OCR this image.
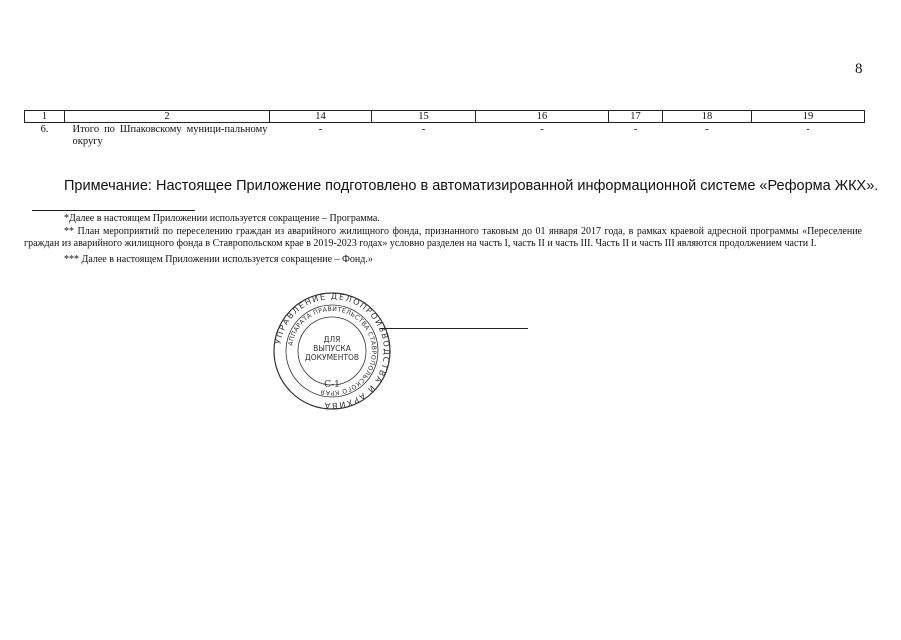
8
1	2	14	15	16	17	18	19
6.	Итого по Шпаковскому муници-пальному округу	-	-	-	-	-	-
Примечание: Настоящее Приложение подготовлено в автоматизированной информационной системе «Реформа ЖКХ».

*Далее в настоящем Приложении используется сокращение – Программа.

** План мероприятий по переселению граждан из аварийного жилищного фонда, признанного таковым до 01 января 2017 года, в рамках краевой адресной программы «Переселение граждан из аварийного жилищного фонда в Ставропольском крае в 2019-2023 годах» условно разделен на часть I, часть II и часть III. Часть II и часть III являются продолжением части I.

*** Далее в настоящем Приложении используется сокращение – Фонд.»

УПРАВЛЕНИЕ ДЕЛОПРОИЗВОДСТВА И АРХИВА
АППАРАТА ПРАВИТЕЛЬСТВА СТАВРОПОЛЬСКОГО КРАЯ
ДЛЯ
ВЫПУСКА
ДОКУМЕНТОВ
С-1
